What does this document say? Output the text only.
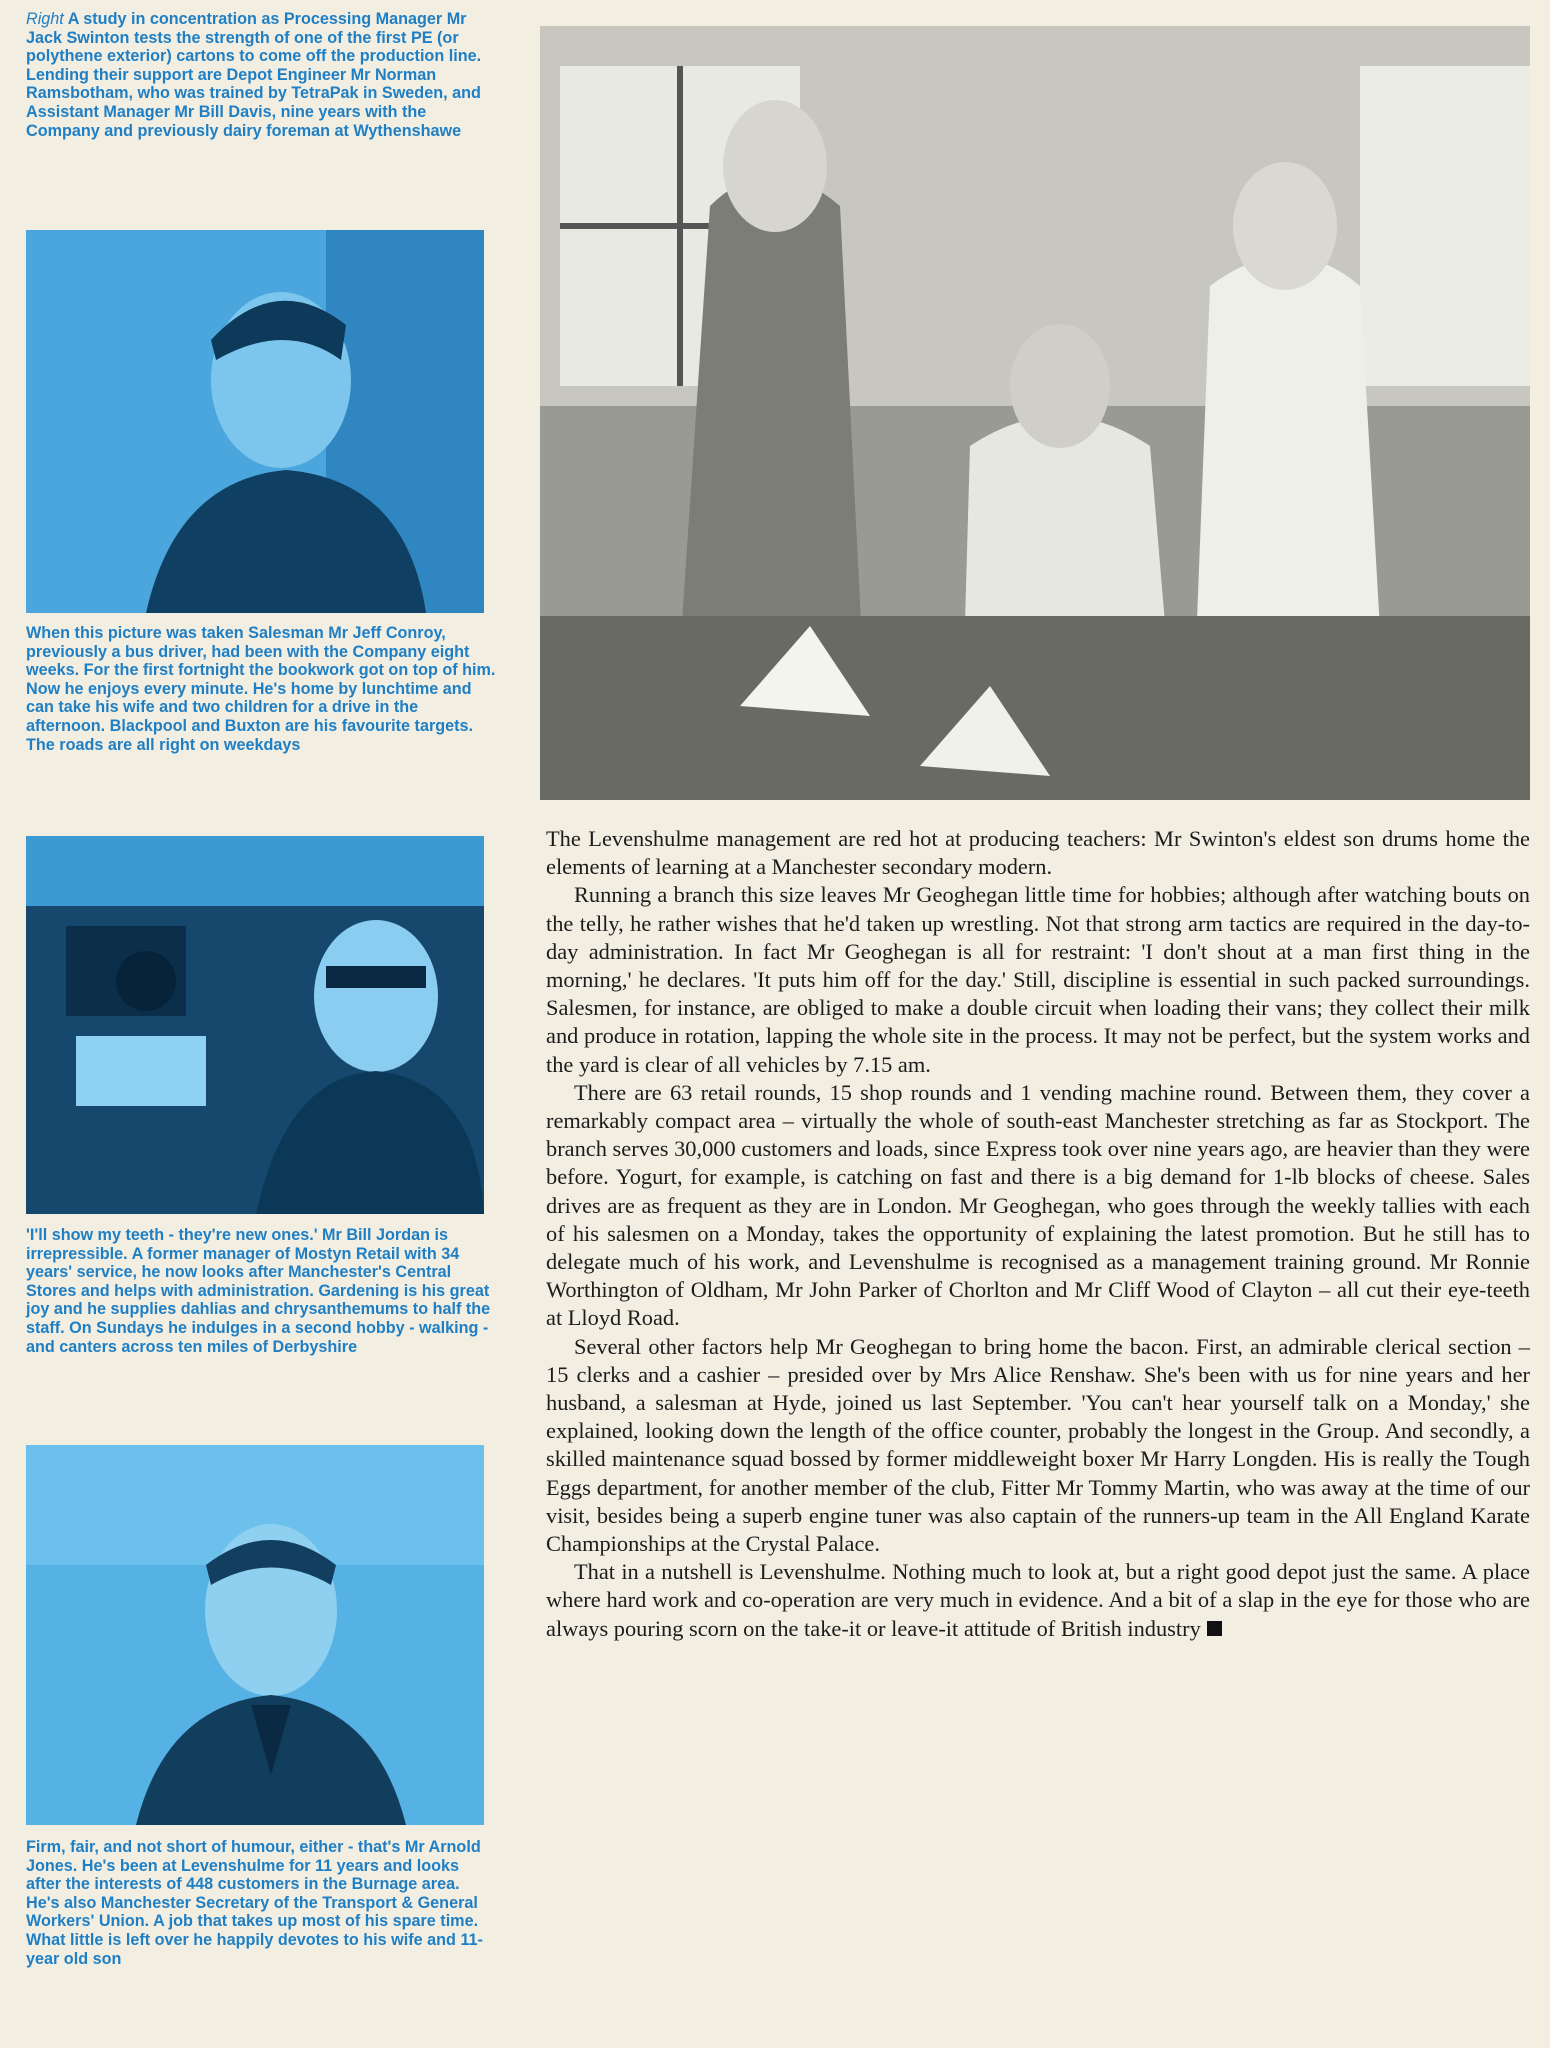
Right A study in concentration as Processing Manager Mr Jack Swinton tests the strength of one of the first PE (or polythene exterior) cartons to come off the production line. Lending their support are Depot Engineer Mr Norman Ramsbotham, who was trained by TetraPak in Sweden, and Assistant Manager Mr Bill Davis, nine years with the Company and previously dairy foreman at Wythenshawe

When this picture was taken Salesman Mr Jeff Conroy, previously a bus driver, had been with the Company eight weeks. For the first fortnight the bookwork got on top of him. Now he enjoys every minute. He's home by lunchtime and can take his wife and two children for a drive in the afternoon. Blackpool and Buxton are his favourite targets. The roads are all right on weekdays

'I'll show my teeth - they're new ones.' Mr Bill Jordan is irrepressible. A former manager of Mostyn Retail with 34 years' service, he now looks after Manchester's Central Stores and helps with administration. Gardening is his great joy and he supplies dahlias and chrysanthemums to half the staff. On Sundays he indulges in a second hobby - walking - and canters across ten miles of Derbyshire

Firm, fair, and not short of humour, either - that's Mr Arnold Jones. He's been at Levenshulme for 11 years and looks after the interests of 448 customers in the Burnage area. He's also Manchester Secretary of the Transport & General Workers' Union. A job that takes up most of his spare time. What little is left over he happily devotes to his wife and 11-year old son

The Levenshulme management are red hot at producing teachers: Mr Swinton's eldest son drums home the elements of learning at a Manchester secondary modern.

Running a branch this size leaves Mr Geoghegan little time for hobbies; although after watching bouts on the telly, he rather wishes that he'd taken up wrestling. Not that strong arm tactics are required in the day-to-day administration. In fact Mr Geoghegan is all for restraint: 'I don't shout at a man first thing in the morning,' he declares. 'It puts him off for the day.' Still, discipline is essential in such packed surroundings. Salesmen, for instance, are obliged to make a double circuit when loading their vans; they collect their milk and produce in rotation, lapping the whole site in the process. It may not be perfect, but the system works and the yard is clear of all vehicles by 7.15 am.

There are 63 retail rounds, 15 shop rounds and 1 vending machine round. Between them, they cover a remarkably compact area – virtually the whole of south-east Manchester stretching as far as Stockport. The branch serves 30,000 customers and loads, since Express took over nine years ago, are heavier than they were before. Yogurt, for example, is catching on fast and there is a big demand for 1-lb blocks of cheese. Sales drives are as frequent as they are in London. Mr Geoghegan, who goes through the weekly tallies with each of his salesmen on a Monday, takes the opportunity of explaining the latest promotion. But he still has to delegate much of his work, and Levenshulme is recognised as a management training ground. Mr Ronnie Worthington of Oldham, Mr John Parker of Chorlton and Mr Cliff Wood of Clayton – all cut their eye-teeth at Lloyd Road.

Several other factors help Mr Geoghegan to bring home the bacon. First, an admirable clerical section – 15 clerks and a cashier – presided over by Mrs Alice Renshaw. She's been with us for nine years and her husband, a salesman at Hyde, joined us last September. 'You can't hear yourself talk on a Monday,' she explained, looking down the length of the office counter, probably the longest in the Group. And secondly, a skilled maintenance squad bossed by former middleweight boxer Mr Harry Longden. His is really the Tough Eggs department, for another member of the club, Fitter Mr Tommy Martin, who was away at the time of our visit, besides being a superb engine tuner was also captain of the runners-up team in the All England Karate Championships at the Crystal Palace.

That in a nutshell is Levenshulme. Nothing much to look at, but a right good depot just the same. A place where hard work and co-operation are very much in evidence. And a bit of a slap in the eye for those who are always pouring scorn on the take-it or leave-it attitude of British industry
